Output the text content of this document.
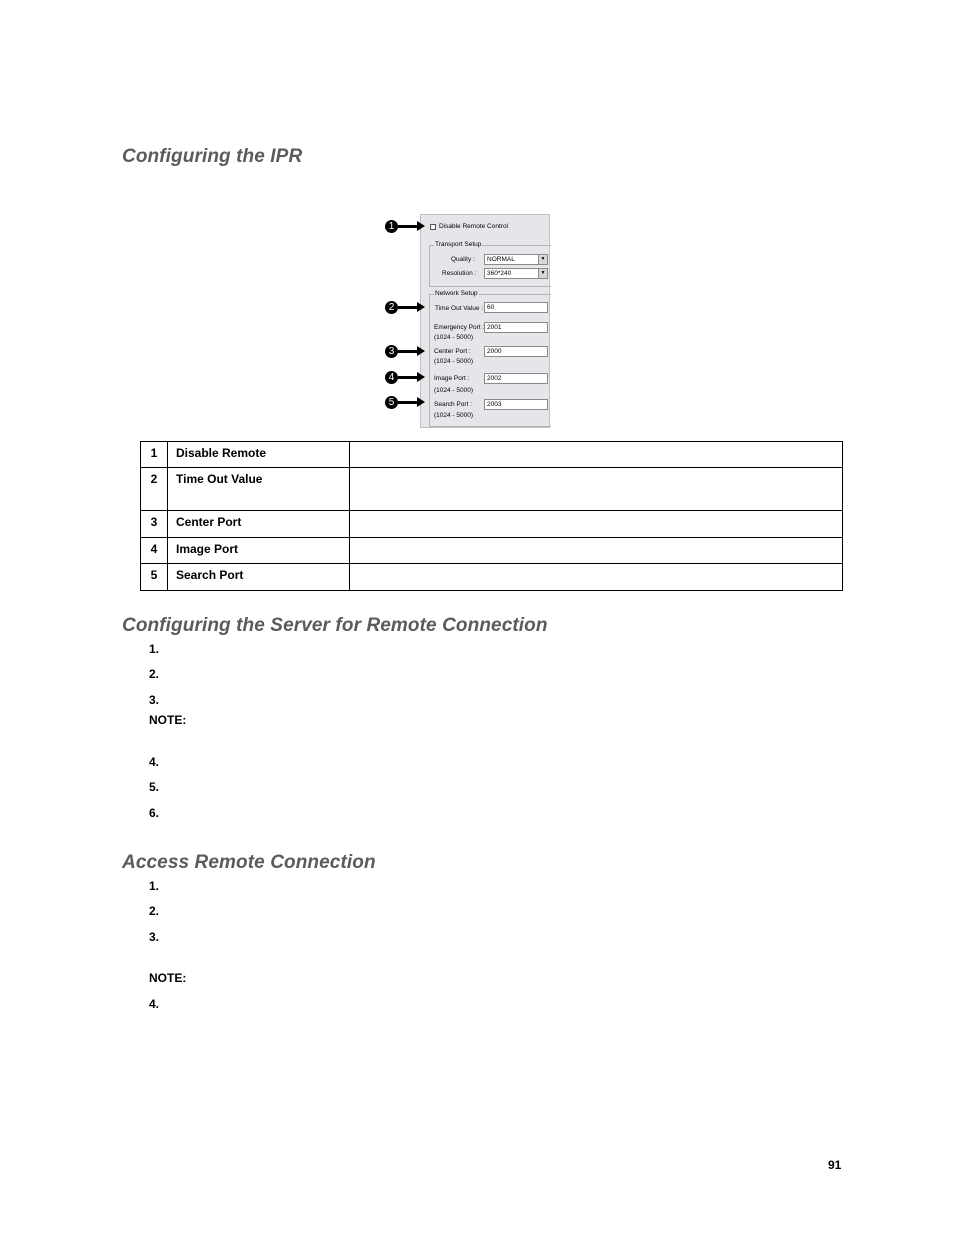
Configuring the IPR
Disable Remote Control
Transport Setup
Quality :	NORMAL	▼
Resolution :	360*240	▼
Network Setup
Time Out Value : 60
Emergency Port : 2001
(1024 - 5000)
Center Port :	2000
(1024 - 5000)
Image Port :	2002
(1024 - 5000)
Search Port :	2003
(1024 - 5000)
1
2
3
4
5
1	Disable Remote	
2	Time Out Value	
3	Center Port	
4	Image Port	
5	Search Port	
Configuring the Server for Remote Connection
1.
2.
3.
NOTE:
4.
5.
6.
Access Remote Connection
1.
2.
3.
NOTE:
4.
91
